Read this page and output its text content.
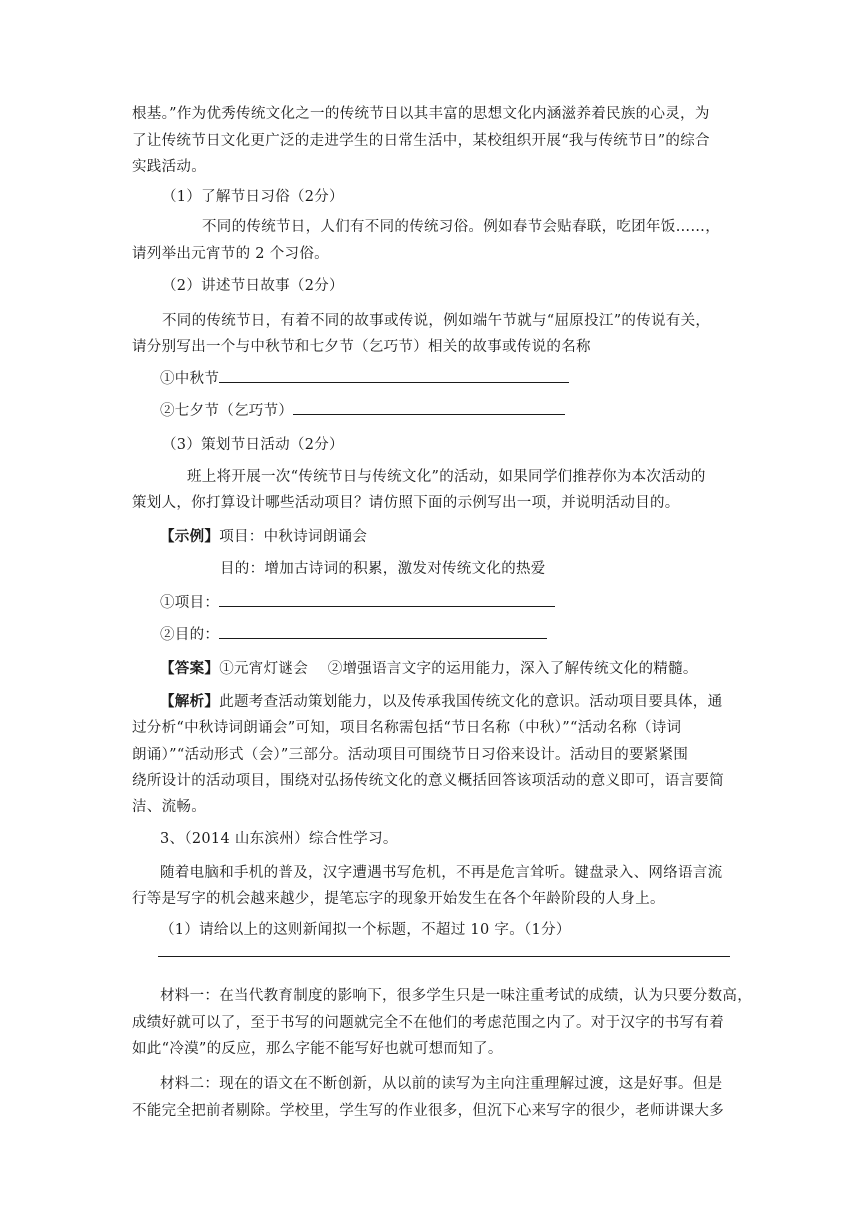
根基。”作为优秀传统文化之一的传统节日以其丰富的思想文化内涵滋养着民族的心灵，为
了让传统节日文化更广泛的走进学生的日常生活中，某校组织开展“我与传统节日”的综合
实践活动。
（1）了解节日习俗（2分）
不同的传统节日，人们有不同的传统习俗。例如春节会贴春联，吃团年饭……，
请列举出元宵节的 2 个习俗。
（2）讲述节日故事（2分）
不同的传统节日，有着不同的故事或传说，例如端午节就与“屈原投江”的传说有关，
请分别写出一个与中秋节和七夕节（乞巧节）相关的故事或传说的名称
①中秋节
②七夕节（乞巧节）
（3）策划节日活动（2分）
班上将开展一次“传统节日与传统文化”的活动，如果同学们推荐你为本次活动的
策划人，你打算设计哪些活动项目？请仿照下面的示例写出一项，并说明活动目的。
【示例】项目：中秋诗词朗诵会
目的：增加古诗词的积累，激发对传统文化的热爱
①项目：
②目的：
【答案】①元宵灯谜会　 ②增强语言文字的运用能力，深入了解传统文化的精髓。
【解析】此题考查活动策划能力，以及传承我国传统文化的意识。活动项目要具体，通
过分析“中秋诗词朗诵会”可知，项目名称需包括“节日名称（中秋）”“活动名称（诗词
朗诵）”“活动形式（会）”三部分。活动项目可围绕节日习俗来设计。活动目的要紧紧围
绕所设计的活动项目，围绕对弘扬传统文化的意义概括回答该项活动的意义即可，语言要简
洁、流畅。
3、（2014 山东滨州）综合性学习。
随着电脑和手机的普及，汉字遭遇书写危机，不再是危言耸听。键盘录入、网络语言流
行等是写字的机会越来越少，提笔忘字的现象开始发生在各个年龄阶段的人身上。
（1）请给以上的这则新闻拟一个标题，不超过 10 字。（1分）
材料一：在当代教育制度的影响下，很多学生只是一味注重考试的成绩，认为只要分数高，
成绩好就可以了，至于书写的问题就完全不在他们的考虑范围之内了。对于汉字的书写有着
如此“冷漠”的反应，那么字能不能写好也就可想而知了。
材料二：现在的语文在不断创新，从以前的读写为主向注重理解过渡，这是好事。但是
不能完全把前者剔除。学校里，学生写的作业很多，但沉下心来写字的很少，老师讲课大多
